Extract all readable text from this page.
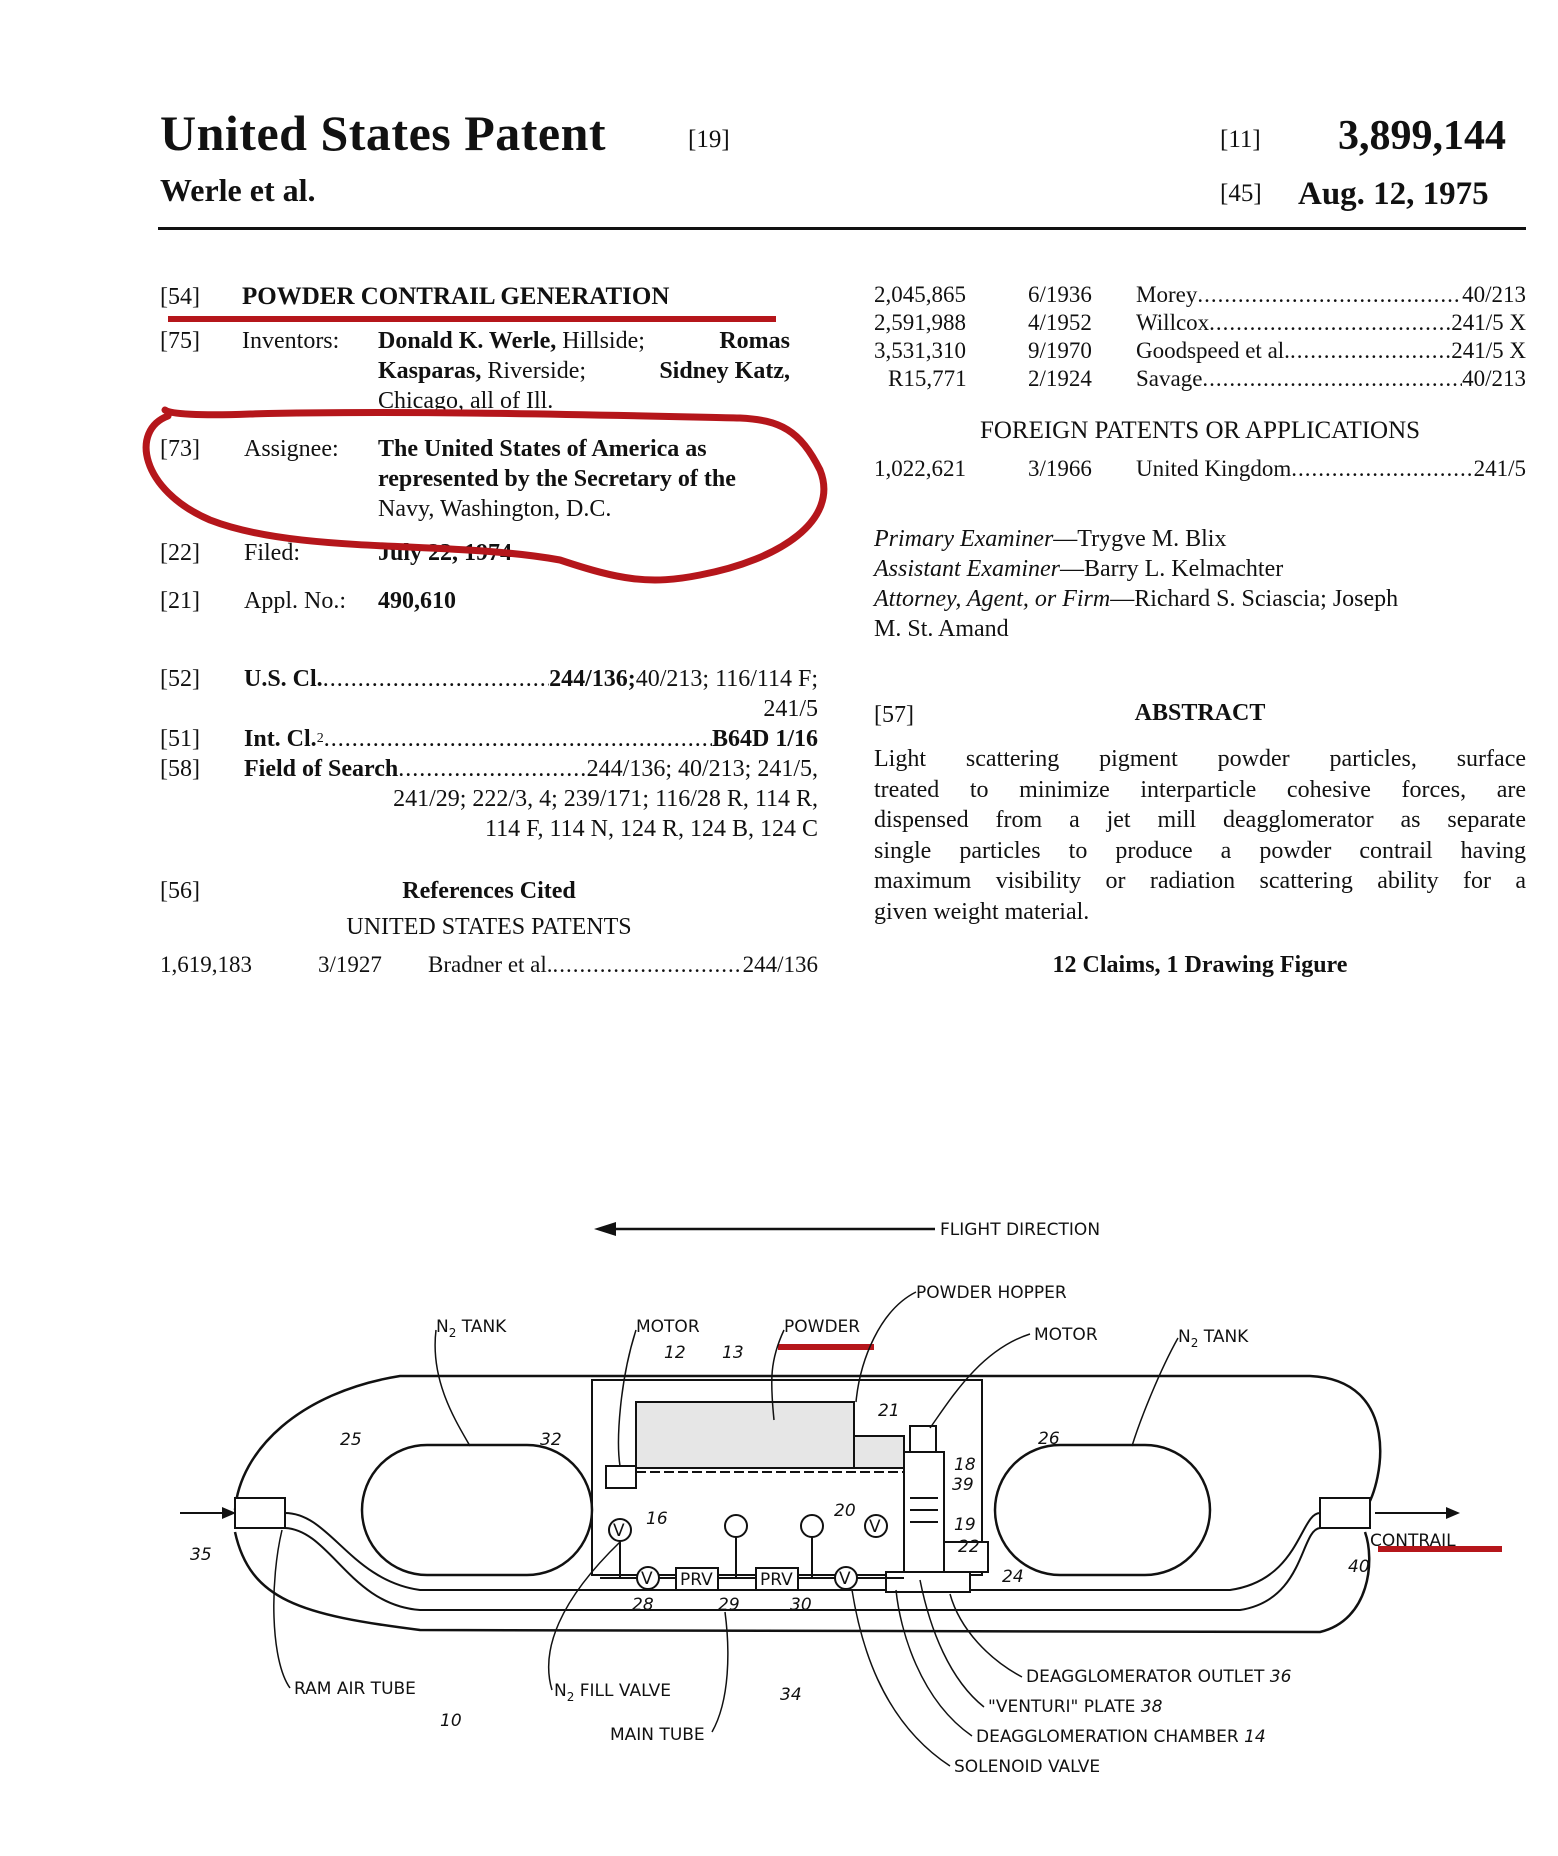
United States Patent	[19]
Werle et al.
[11] 3,899,144
[45] Aug. 12, 1975
[54] POWDER CONTRAIL GENERATION
[75] Inventors: Donald K. Werle, Hillside;	Romas
Kasparas, Riverside;	Sidney Katz,
Chicago, all of Ill.
[73] Assignee: The United States of America as
represented by the Secretary of the
Navy, Washington, D.C.
[22] Filed:	July 22, 1974
[21] Appl. No.: 490,610
[52] U.S. Cl. .....	244/136; 40/213; 116/114 F;
241/5
[51] Int. Cl. 2 .....	B64D 1/16
[58] Field of Search .....	244/136; 40/213; 241/5,
241/29; 222/3, 4; 239/171; 116/28 R, 114 R,
114 F, 114 N, 124 R, 124 B, 124 C
[56]	References Cited
UNITED STATES PATENTS
1,619,183	3/1927 Bradner et al. .....	244/136
2,045,865	6/1936 Morey .....	40/213
2,591,988	4/1952 Willcox .....	241/5 X
3,531,310	9/1970 Goodspeed et al. .....	241/5 X
R15,771	2/1924 Savage .....	40/213
FOREIGN PATENTS OR APPLICATIONS
1,022,621	3/1966 United Kingdom .....	241/5
Primary Examiner—Trygve M. Blix
Assistant Examiner—Barry L. Kelmachter
Attorney, Agent, or Firm —Richard S. Sciascia; Joseph
M. St. Amand
[57]	ABSTRACT
Light scattering pigment powder particles, surface
treated to minimize interparticle cohesive forces, are
dispensed from a jet mill deagglomerator as separate
single particles to produce a powder contrail having
maximum visibility or radiation scattering ability for a
given weight material.
12 Claims, 1 Drawing Figure
FLIGHT DIRECTION
V
V PRV	PRV	V
V
$N_2$ TANK	MOTOR	POWDER
POWDER HOPPER
MOTOR	$N_2$ TANK
CONTRAIL
RAM AIR TUBE	$N_2$ FILL VALVE
MAIN TUBE
DEAGGLOMERATOR OUTLET 36
"VENTURI" PLATE 38
DEAGGLOMERATION CHAMBER 14
SOLENOID VALVE
25	32
12 13
21
26
18
39
16	20
19
22
24	40
35
28	29	30
34
10
